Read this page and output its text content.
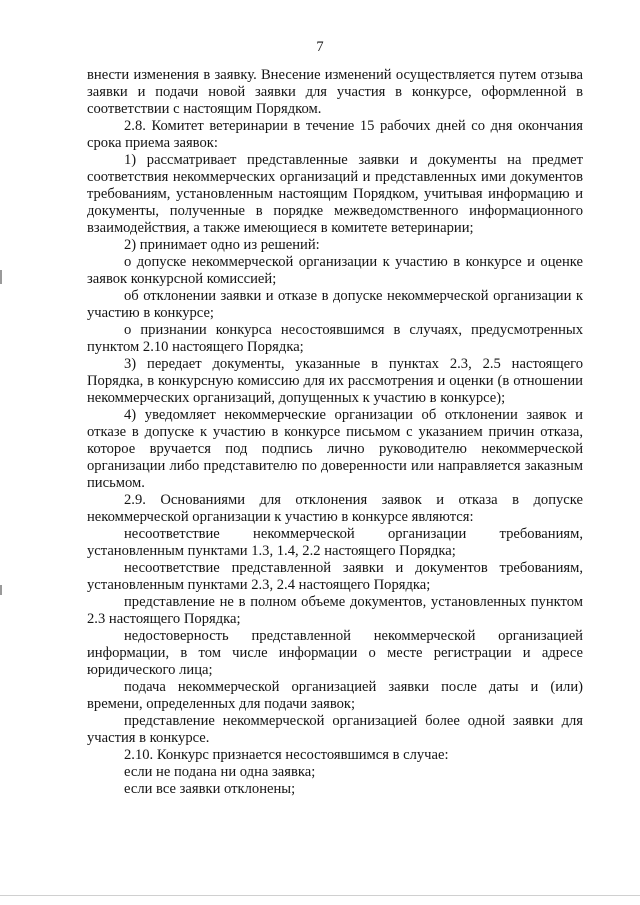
7

внести изменения в заявку. Внесение изменений осуществляется путем отзыва заявки и подачи новой заявки для участия в конкурсе, оформленной в соответствии с настоящим Порядком.

2.8. Комитет ветеринарии в течение 15 рабочих дней со дня окончания срока приема заявок:

1) рассматривает представленные заявки и документы на предмет соответствия некоммерческих организаций и представленных ими документов требованиям, установленным настоящим Порядком, учитывая информацию и документы, полученные в порядке межведомственного информационного взаимодействия, а также имеющиеся в комитете ветеринарии;

2) принимает одно из решений:

о допуске некоммерческой организации к участию в конкурсе и оценке заявок конкурсной комиссией;

об отклонении заявки и отказе в допуске некоммерческой организации к участию в конкурсе;

о признании конкурса несостоявшимся в случаях, предусмотренных пунктом 2.10 настоящего Порядка;

3) передает документы, указанные в пунктах 2.3, 2.5 настоящего Порядка, в конкурсную комиссию для их рассмотрения и оценки (в отношении некоммерческих организаций, допущенных к участию в конкурсе);

4) уведомляет некоммерческие организации об отклонении заявок и отказе в допуске к участию в конкурсе письмом с указанием причин отказа, которое вручается под подпись лично руководителю некоммерческой организации либо представителю по доверенности или направляется заказным письмом.

2.9. Основаниями для отклонения заявок и отказа в допуске некоммерческой организации к участию в конкурсе являются:

несоответствие некоммерческой организации требованиям, установленным пунктами 1.3, 1.4, 2.2 настоящего Порядка;

несоответствие представленной заявки и документов требованиям, установленным пунктами 2.3, 2.4 настоящего Порядка;

представление не в полном объеме документов, установленных пунктом 2.3 настоящего Порядка;

недостоверность представленной некоммерческой организацией информации, в том числе информации о месте регистрации и адресе юридического лица;

подача некоммерческой организацией заявки после даты и (или) времени, определенных для подачи заявок;

представление некоммерческой организацией более одной заявки для участия в конкурсе.

2.10. Конкурс признается несостоявшимся в случае:

если не подана ни одна заявка;

если все заявки отклонены;
